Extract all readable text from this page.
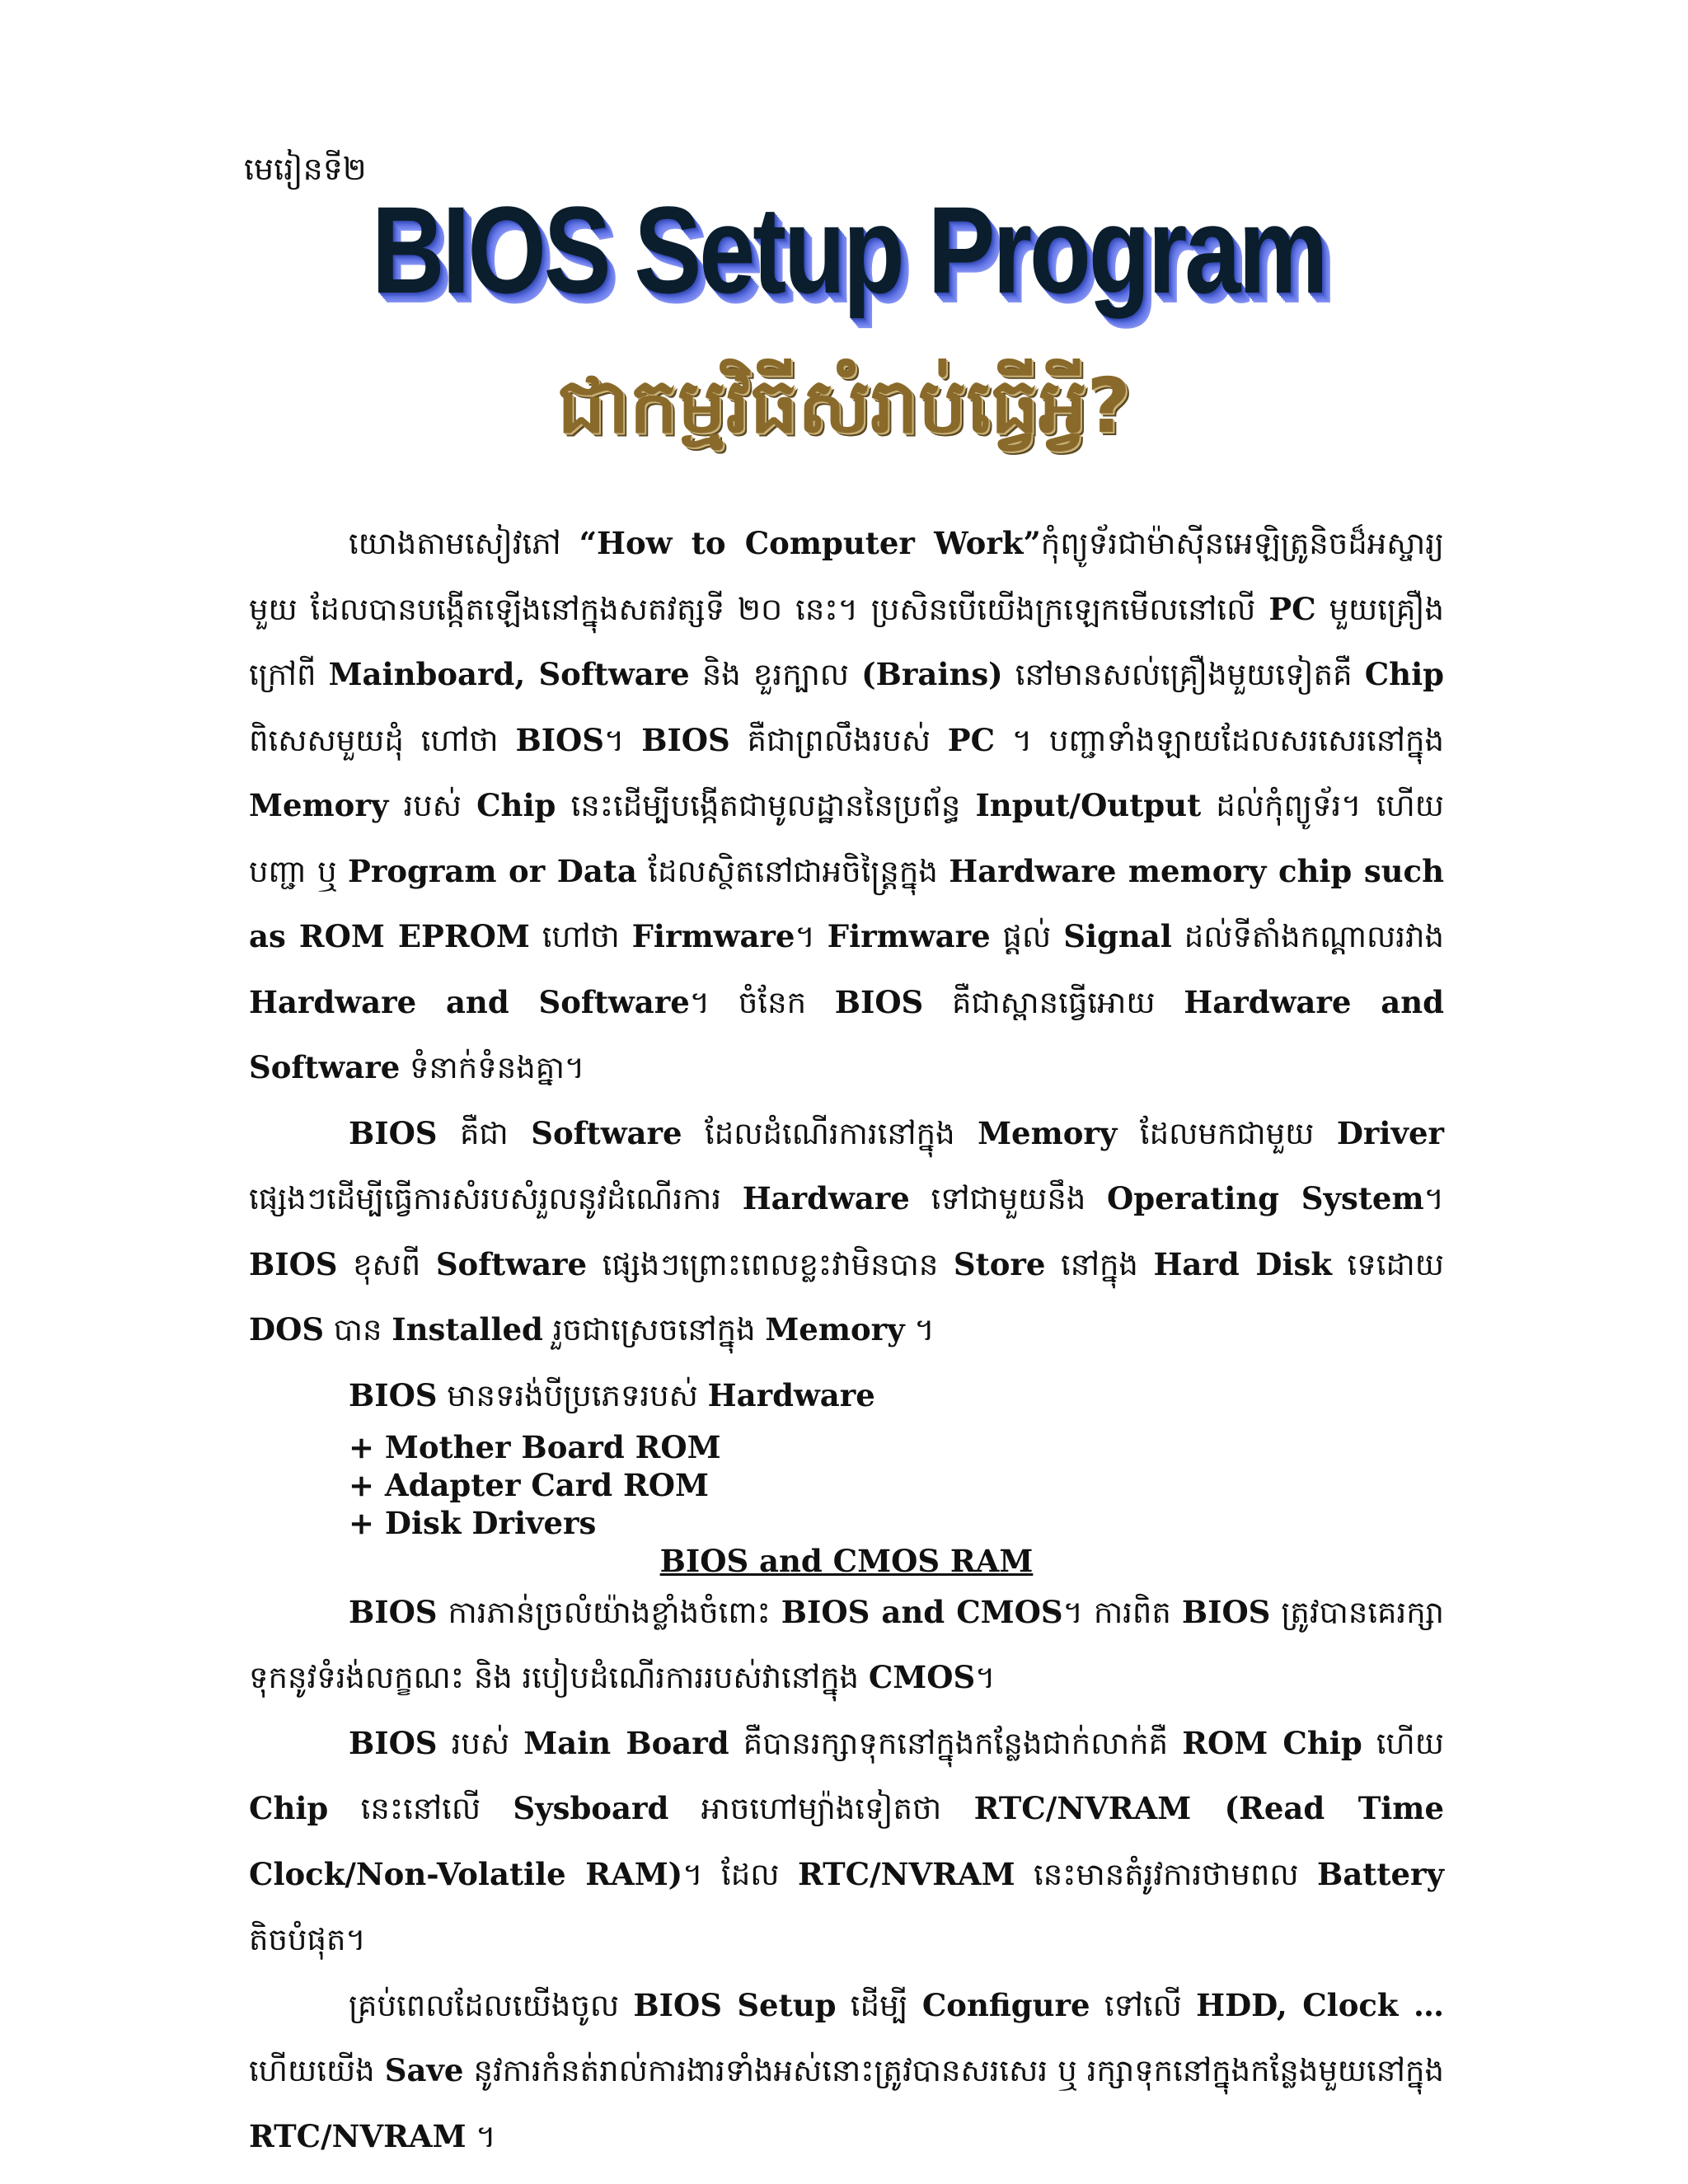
មេរៀនទី២
BIOS Setup Program
ជាកម្មវិធីសំរាប់ធ្វើអ្វី?

យោងតាមសៀវភៅ “How to Computer Work”កុំព្យូទ័រជាម៉ាស៊ីនអេឡិត្រូនិចដ៏អស្ចារ្យមួយ ដែលបានបង្កើតឡើងនៅក្នុងសតវត្សទី ២០ នេះ។ ប្រសិនបើយើងក្រឡេកមើលនៅលើ PC មួយគ្រឿងក្រៅពី Mainboard, Software និង ខួរក្បាល (Brains) នៅមានសល់គ្រឿងមួយទៀតគឺ Chip ពិសេសមួយដុំ ហៅថា BIOS។ BIOS គឺជាព្រលឹងរបស់ PC ។ បញ្ជាទាំងឡាយដែលសរសេរនៅក្នុង Memory របស់ Chip នេះដើម្បីបង្កើតជាមូលដ្ឋាននៃប្រព័ន្ធ Input/Output ដល់កុំព្យូទ័រ។ ហើយបញ្ជា ឬ Program or Data ដែលស្ថិតនៅជាអចិន្ត្រៃក្នុង Hardware memory chip such as ROM EPROM ហៅថា Firmware។ Firmware ផ្តល់ Signal ដល់ទីតាំងកណ្តាលរវាង Hardware and Software។ ចំនែក BIOS គឺជាស្ពានធ្វើអោយ Hardware and Software ទំនាក់ទំនងគ្នា។

BIOS គឺជា Software ដែលដំណើរការនៅក្នុង Memory ដែលមកជាមួយ Driver ផ្សេងៗដើម្បីធ្វើការសំរបសំរួលនូវដំណើរការ Hardware ទៅជាមួយនឹង Operating System។ BIOS ខុសពី Software ផ្សេងៗព្រោះពេលខ្លះវាមិនបាន Store នៅក្នុង Hard Disk ទេដោយ DOS បាន Installed រួចជាស្រេចនៅក្នុង Memory ។

BIOS មានទរង់បីប្រភេទរបស់ Hardware
+ Mother Board ROM
+ Adapter Card ROM
+ Disk Drivers
BIOS and CMOS RAM

BIOS ការភាន់ច្រលំយ៉ាងខ្លាំងចំពោះ BIOS and CMOS។ ការពិត BIOS ត្រូវបានគេរក្សាទុកនូវទំរង់លក្ខណះ និង របៀបដំណើរការរបស់វានៅក្នុង CMOS។

BIOS របស់ Main Board គឺបានរក្សាទុកនៅក្នុងកន្លែងជាក់លាក់គឺ ROM Chip ហើយ Chip នេះនៅលើ Sysboard អាចហៅម្យ៉ាងទៀតថា RTC/NVRAM (Read Time Clock/Non-Volatile RAM)។ ដែល RTC/NVRAM នេះមានតំរូវការថាមពល Battery តិចបំផុត។

គ្រប់ពេលដែលយើងចូល BIOS Setup ដើម្បី Configure ទៅលើ HDD, Clock … ហើយយើង Save នូវការកំនត់រាល់ការងារទាំងអស់នោះត្រូវបានសរសេរ ឬ រក្សាទុកនៅក្នុងកន្លែងមួយនៅក្នុង RTC/NVRAM ។
